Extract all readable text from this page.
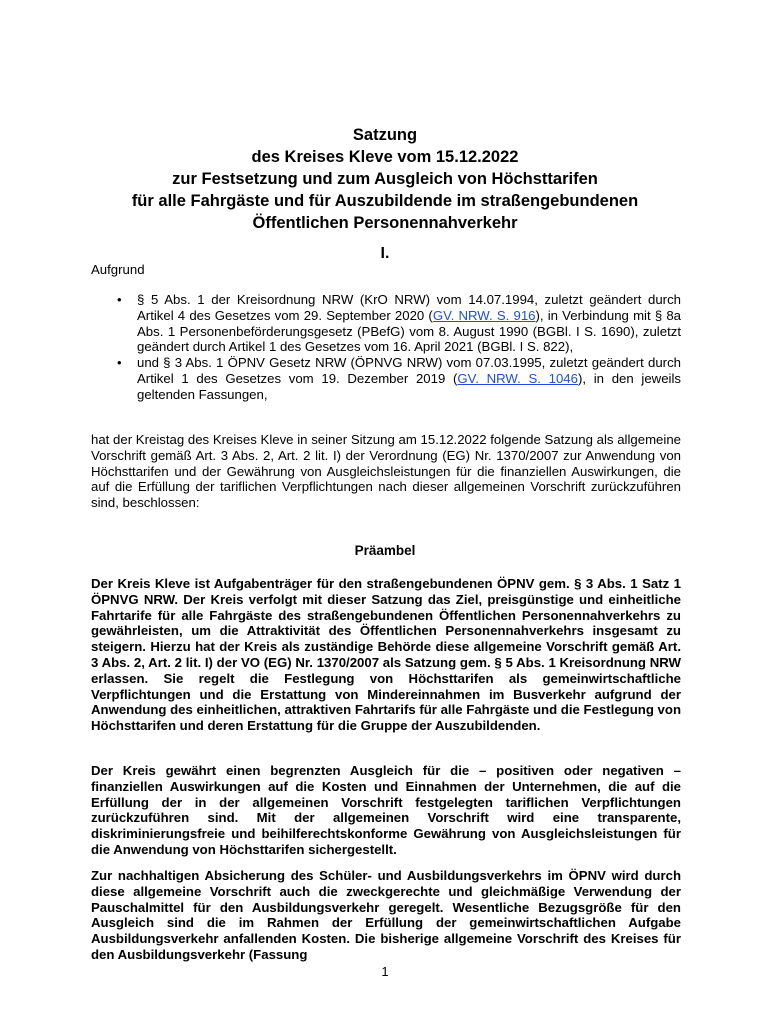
Satzung
des Kreises Kleve vom 15.12.2022
zur Festsetzung und zum Ausgleich von Höchsttarifen
für alle Fahrgäste und für Auszubildende im straßengebundenen
Öffentlichen Personennahverkehr
I.
Aufgrund
• § 5 Abs. 1 der Kreisordnung NRW (KrO NRW) vom 14.07.1994, zuletzt geändert durch Artikel 4 des Gesetzes vom 29. September 2020 (GV. NRW. S. 916), in Verbindung mit § 8a Abs. 1 Personenbeförderungsgesetz (PBefG) vom 8. August 1990 (BGBl. I S. 1690), zuletzt geändert durch Artikel 1 des Gesetzes vom 16. April 2021 (BGBl. I S. 822),
• und § 3 Abs. 1 ÖPNV Gesetz NRW (ÖPNVG NRW) vom 07.03.1995, zuletzt geändert durch Artikel 1 des Gesetzes vom 19. Dezember 2019 (GV. NRW. S. 1046), in den jeweils geltenden Fassungen,
hat der Kreistag des Kreises Kleve in seiner Sitzung am 15.12.2022 folgende Satzung als allgemeine Vorschrift gemäß Art. 3 Abs. 2, Art. 2 lit. I) der Verordnung (EG) Nr. 1370/2007 zur Anwendung von Höchsttarifen und der Gewährung von Ausgleichsleistungen für die finanziellen Auswirkungen, die auf die Erfüllung der tariflichen Verpflichtungen nach dieser allgemeinen Vorschrift zurückzuführen sind, beschlossen:
Präambel
Der Kreis Kleve ist Aufgabenträger für den straßengebundenen ÖPNV gem. § 3 Abs. 1 Satz 1 ÖPNVG NRW. Der Kreis verfolgt mit dieser Satzung das Ziel, preisgünstige und einheitliche Fahrtarife für alle Fahrgäste des straßengebundenen Öffentlichen Personennahverkehrs zu gewährleisten, um die Attraktivität des Öffentlichen Personennahverkehrs insgesamt zu steigern. Hierzu hat der Kreis als zuständige Behörde diese allgemeine Vorschrift gemäß Art. 3 Abs. 2, Art. 2 lit. I) der VO (EG) Nr. 1370/2007 als Satzung gem. § 5 Abs. 1 Kreisordnung NRW erlassen. Sie regelt die Festlegung von Höchsttarifen als gemeinwirtschaftliche Verpflichtungen und die Erstattung von Mindereinnahmen im Busverkehr aufgrund der Anwendung des einheitlichen, attraktiven Fahrtarifs für alle Fahrgäste und die Festlegung von Höchsttarifen und deren Erstattung für die Gruppe der Auszubildenden.
Der Kreis gewährt einen begrenzten Ausgleich für die – positiven oder negativen – finanziellen Auswirkungen auf die Kosten und Einnahmen der Unternehmen, die auf die Erfüllung der in der allgemeinen Vorschrift festgelegten tariflichen Verpflichtungen zurückzuführen sind. Mit der allgemeinen Vorschrift wird eine transparente, diskriminierungsfreie und beihilferechtskonforme Gewährung von Ausgleichsleistungen für die Anwendung von Höchsttarifen sichergestellt.
Zur nachhaltigen Absicherung des Schüler- und Ausbildungsverkehrs im ÖPNV wird durch diese allgemeine Vorschrift auch die zweckgerechte und gleichmäßige Verwendung der Pauschalmittel für den Ausbildungsverkehr geregelt. Wesentliche Bezugsgröße für den Ausgleich sind die im Rahmen der Erfüllung der gemeinwirtschaftlichen Aufgabe Ausbildungsverkehr anfallenden Kosten. Die bisherige allgemeine Vorschrift des Kreises für den Ausbildungsverkehr (Fassung
1
